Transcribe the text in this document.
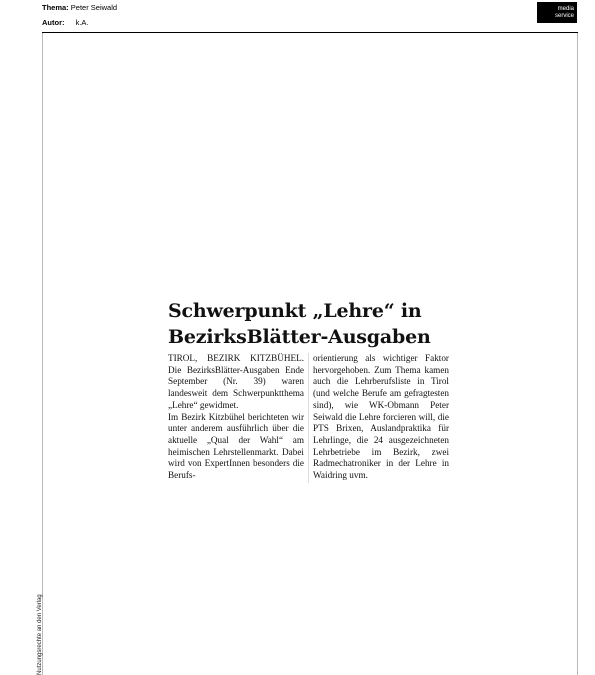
Thema: Peter Seiwald
Autor: k.A.
media
service
Nutzungsrechte an den Verlag
Schwerpunkt „Lehre“ in
BezirksBlätter-Ausgaben

TIROL, BEZIRK KITZBÜHEL. Die BezirksBlätter-Ausgaben Ende September (Nr. 39) waren landesweit dem Schwerpunktthema „Lehre“ gewidmet.
Im Bezirk Kitzbühel berichteten wir unter anderem ausführlich über die aktuelle „Qual der Wahl“ am heimischen Lehrstellenmarkt. Dabei wird von ExpertInnen besonders die Berufs-

orientierung als wichtiger Faktor hervorgehoben. Zum Thema kamen auch die Lehrberufsliste in Tirol (und welche Berufe am gefragtesten sind), wie WK-Obmann Peter Seiwald die Lehre forcieren will, die PTS Brixen, Auslandpraktika für Lehrlinge, die 24 ausgezeichneten Lehrbetriebe im Bezirk, zwei Radmechatroniker in der Lehre in Waidring uvm.
